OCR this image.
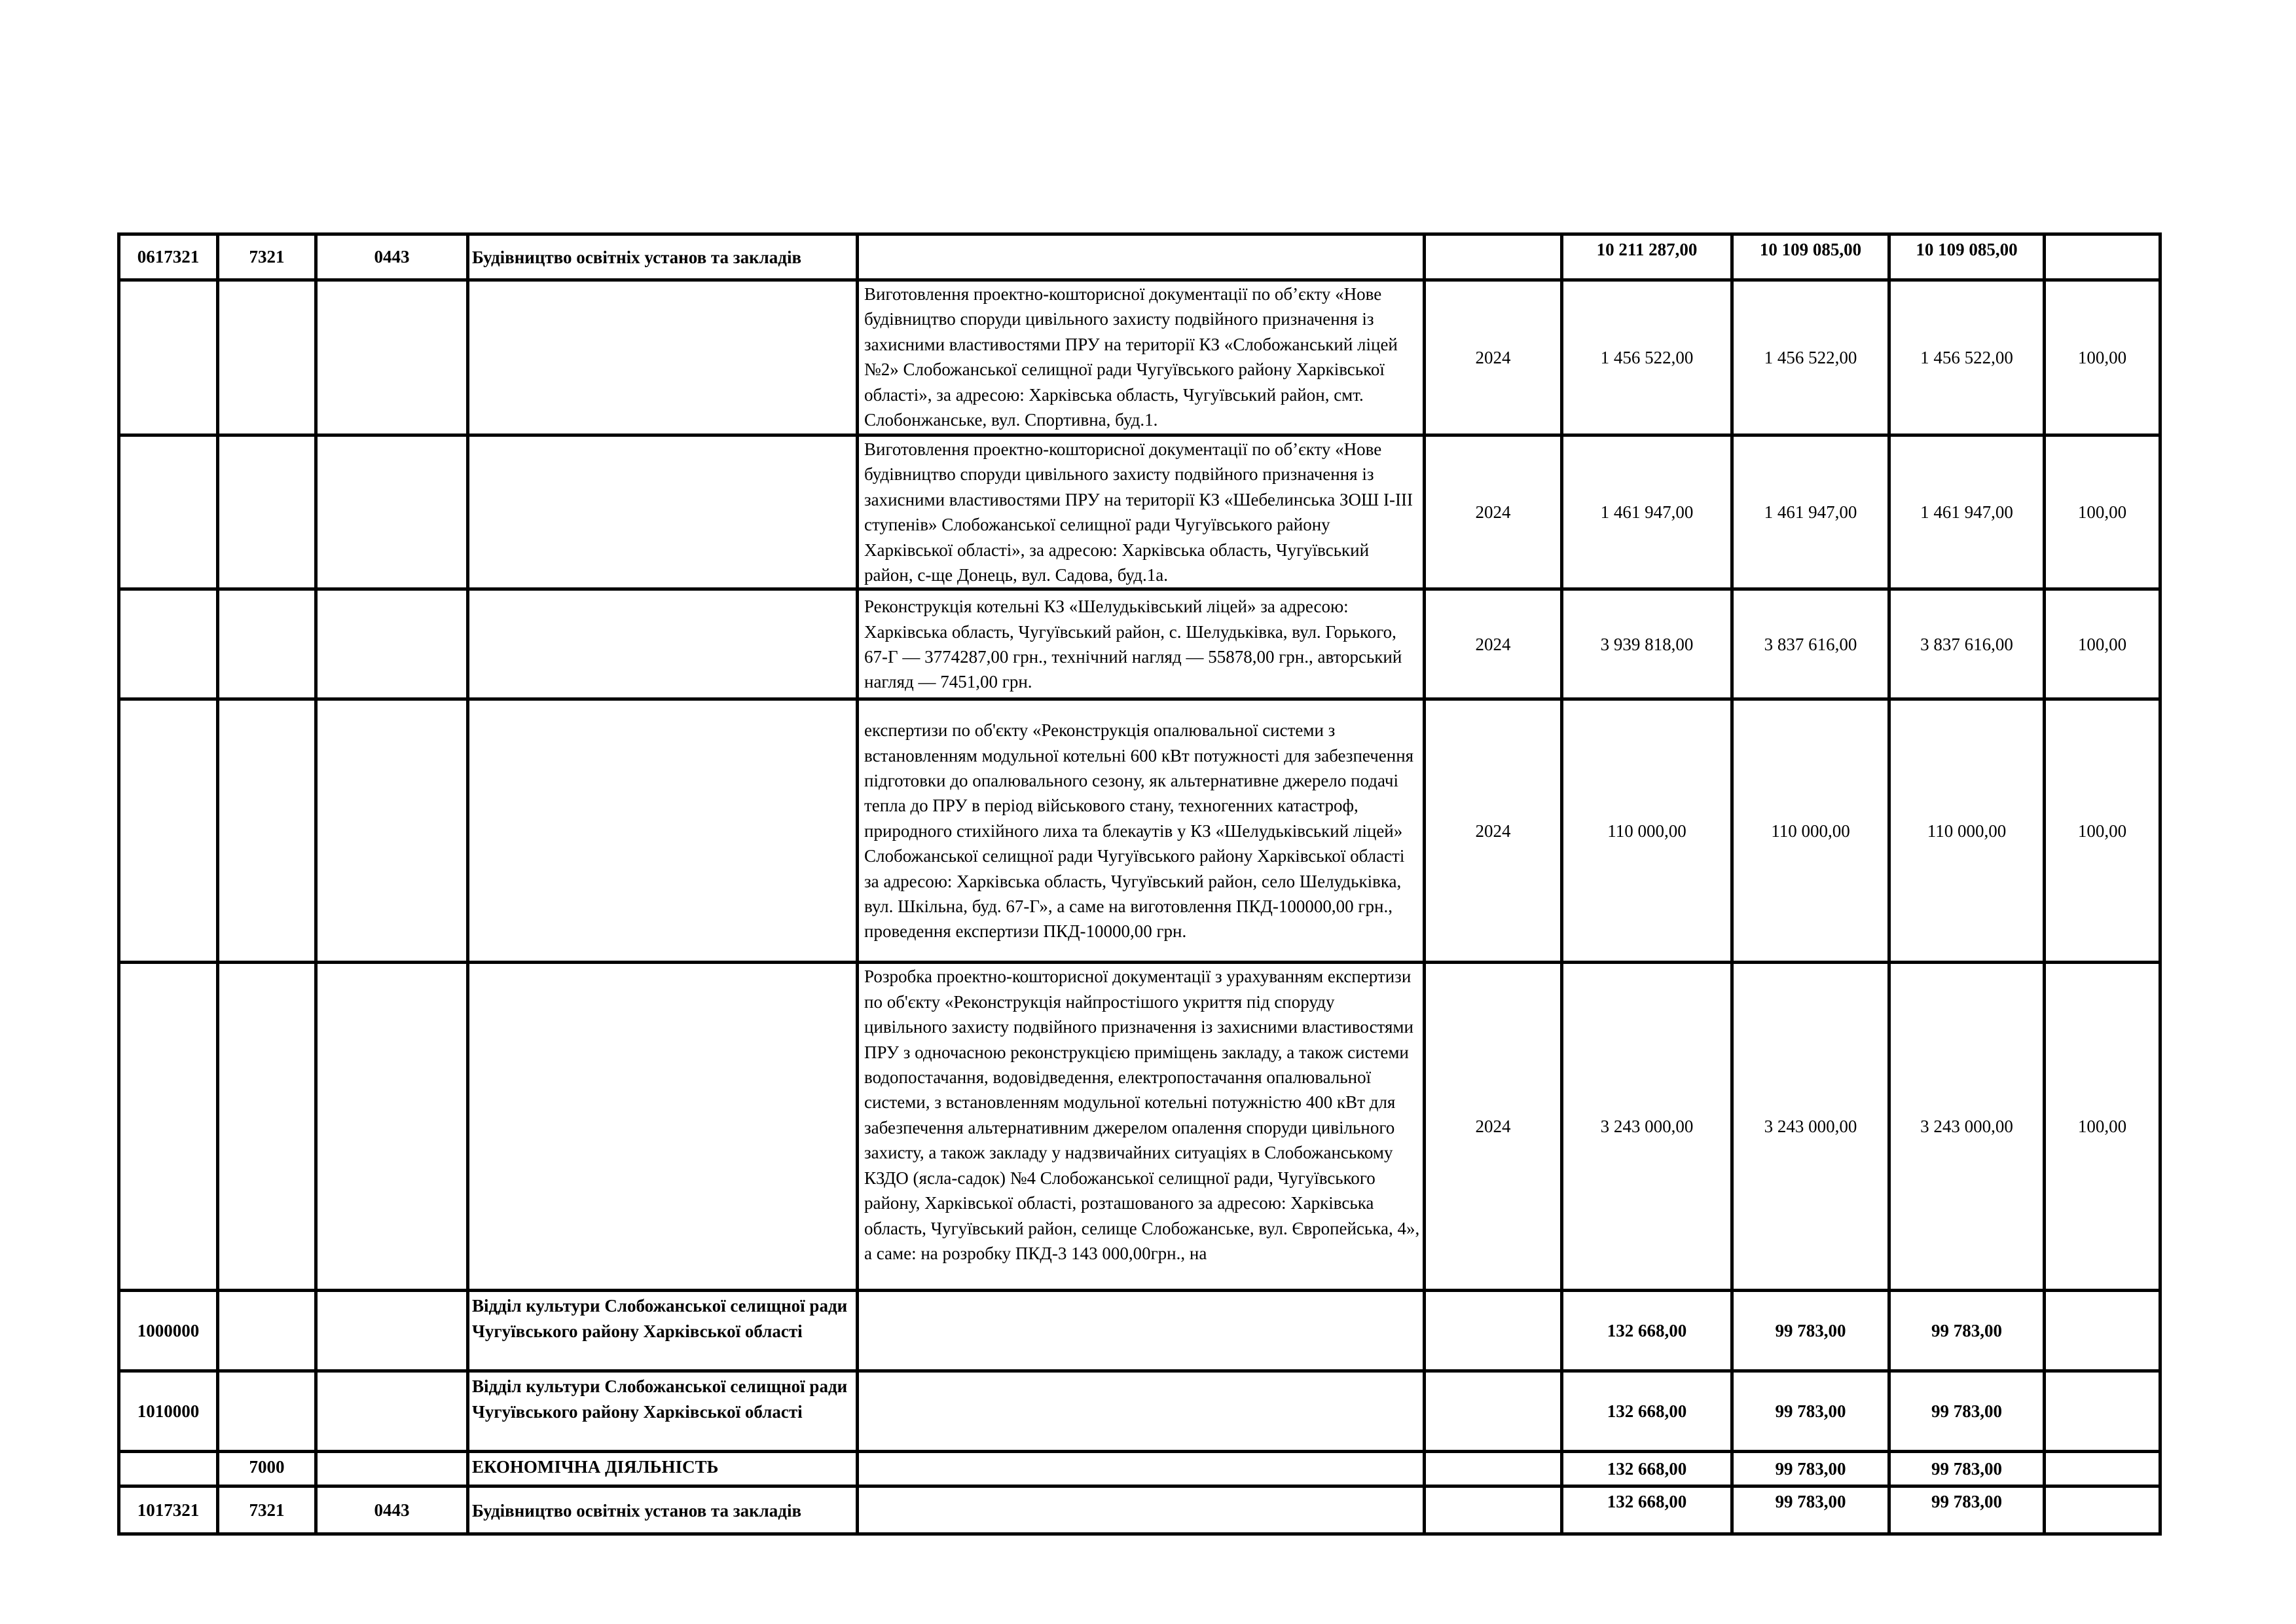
0617321	7321	0443	Будівництво освітніх установ та закладів			10 211 287,00	10 109 085,00	10 109 085,00	
				Виготовлення проектно-кошторисної документації по об’єкту «Нове будівництво споруди цивільного захисту подвійного призначення із захисними властивостями ПРУ на території КЗ «Слобожанський ліцей №2» Слобожанської селищної ради Чугуївського району Харківської області», за адресою: Харківська область, Чугуївський район, смт. Слобонжанське, вул. Спортивна, буд.1.	2024	1 456 522,00	1 456 522,00	1 456 522,00	100,00
				Виготовлення проектно-кошторисної документації по об’єкту «Нове будівництво споруди цивільного захисту подвійного призначення із захисними властивостями ПРУ на території КЗ «Шебелинська ЗОШ І-ІІІ ступенів» Слобожанської селищної ради Чугуївського району Харківської області», за адресою: Харківська область, Чугуївський район, с-ще Донець, вул. Садова, буд.1а.	2024	1 461 947,00	1 461 947,00	1 461 947,00	100,00
				Реконструкція котельні КЗ «Шелудьківський ліцей» за адресою: Харківська область, Чугуївський район, с. Шелудьківка, вул. Горького, 67-Г — 3774287,00 грн., технічний нагляд — 55878,00 грн., авторський нагляд — 7451,00 грн.	2024	3 939 818,00	3 837 616,00	3 837 616,00	100,00
				експертизи по об'єкту «Реконструкція опалювальної системи з встановленням модульної котельні 600 кВт потужності для забезпечення підготовки до опалювального сезону, як альтернативне джерело подачі тепла до ПРУ в період військового стану, техногенних катастроф, природного стихійного лиха та блекаутів у КЗ «Шелудьківський ліцей» Слобожанської селищної ради Чугуївського району Харківської області за адресою: Харківська область, Чугуївський район, село Шелудьківка, вул. Шкільна, буд. 67-Г», а саме на виготовлення ПКД-100000,00 грн., проведення експертизи ПКД-10000,00 грн.	2024	110 000,00	110 000,00	110 000,00	100,00
				Розробка проектно-кошторисної документації з урахуванням експертизи по об'єкту «Реконструкція найпростішого укриття під споруду цивільного захисту подвійного призначення із захисними властивостями ПРУ з одночасною реконструкцією приміщень закладу, а також системи водопостачання, водовідведення, електропостачання опалювальної системи, з встановленням модульної котельні потужністю 400 кВт для забезпечення альтернативним джерелом опалення споруди цивільного захисту, а також закладу у надзвичайних ситуаціях в Слобожанському КЗДО (ясла-садок) №4 Слобожанської селищної ради, Чугуївського району, Харківської області, розташованого за адресою: Харківська область, Чугуївський район, селище Слобожанське, вул. Європейська, 4», а саме: на розробку ПКД-3 143 000,00грн., на	2024	3 243 000,00	3 243 000,00	3 243 000,00	100,00
1000000			Відділ культури Слобожанської селищної ради Чугуївського району Харківської області			132 668,00	99 783,00	99 783,00	
1010000			Відділ культури Слобожанської селищної ради Чугуївського району Харківської області			132 668,00	99 783,00	99 783,00	
	7000		ЕКОНОМІЧНА ДІЯЛЬНІСТЬ			132 668,00	99 783,00	99 783,00	
1017321	7321	0443	Будівництво освітніх установ та закладів			132 668,00	99 783,00	99 783,00	
